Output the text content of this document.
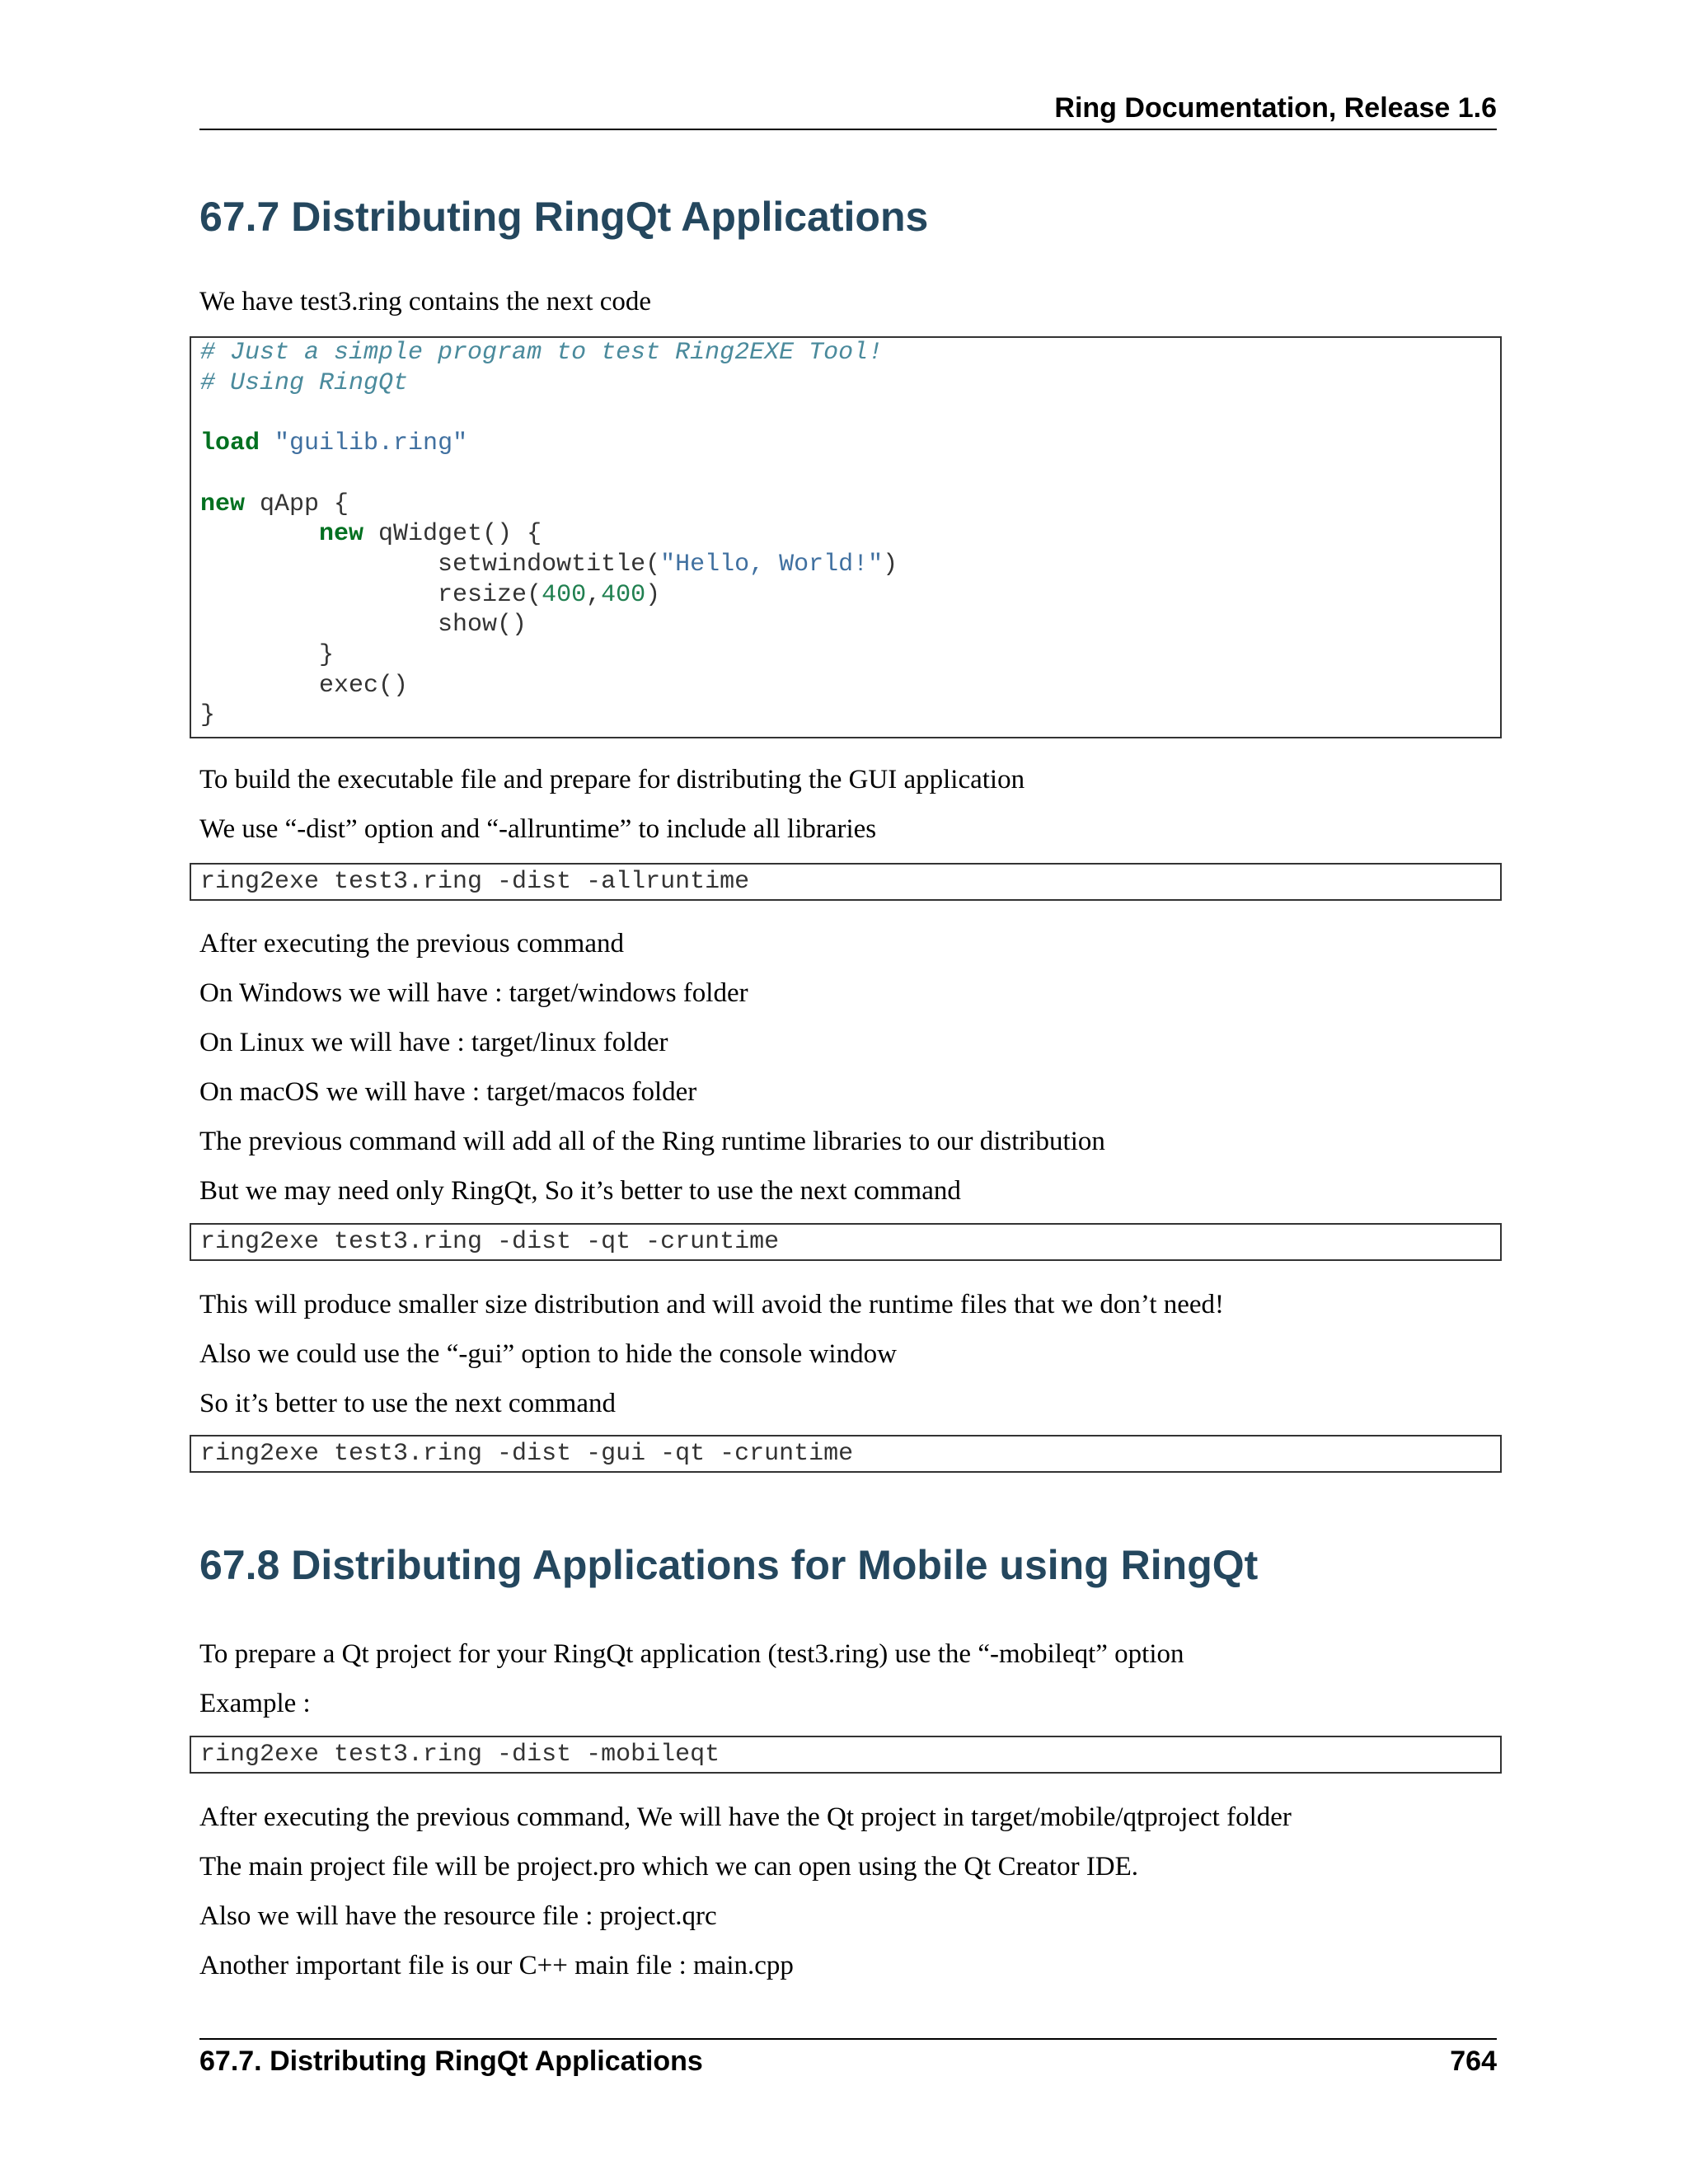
Ring Documentation, Release 1.6
67.7 Distributing RingQt Applications

We have test3.ring contains the next code

# Just a simple program to test Ring2EXE Tool!
# Using RingQt

load "guilib.ring"

new qApp {
new qWidget() {
setwindowtitle("Hello, World!")
resize(400,400)
show()
}
exec()
}

To build the executable file and prepare for distributing the GUI application

We use “-dist” option and “-allruntime” to include all libraries

ring2exe test3.ring -dist -allruntime

After executing the previous command

On Windows we will have : target/windows folder

On Linux we will have : target/linux folder

On macOS we will have : target/macos folder

The previous command will add all of the Ring runtime libraries to our distribution

But we may need only RingQt, So it’s better to use the next command

ring2exe test3.ring -dist -qt -cruntime

This will produce smaller size distribution and will avoid the runtime files that we don’t need!

Also we could use the “-gui” option to hide the console window

So it’s better to use the next command

ring2exe test3.ring -dist -gui -qt -cruntime
67.8 Distributing Applications for Mobile using RingQt

To prepare a Qt project for your RingQt application (test3.ring) use the “-mobileqt” option

Example :

ring2exe test3.ring -dist -mobileqt

After executing the previous command, We will have the Qt project in target/mobile/qtproject folder

The main project file will be project.pro which we can open using the Qt Creator IDE.

Also we will have the resource file : project.qrc

Another important file is our C++ main file : main.cpp

67.7. Distributing RingQt Applications	764
